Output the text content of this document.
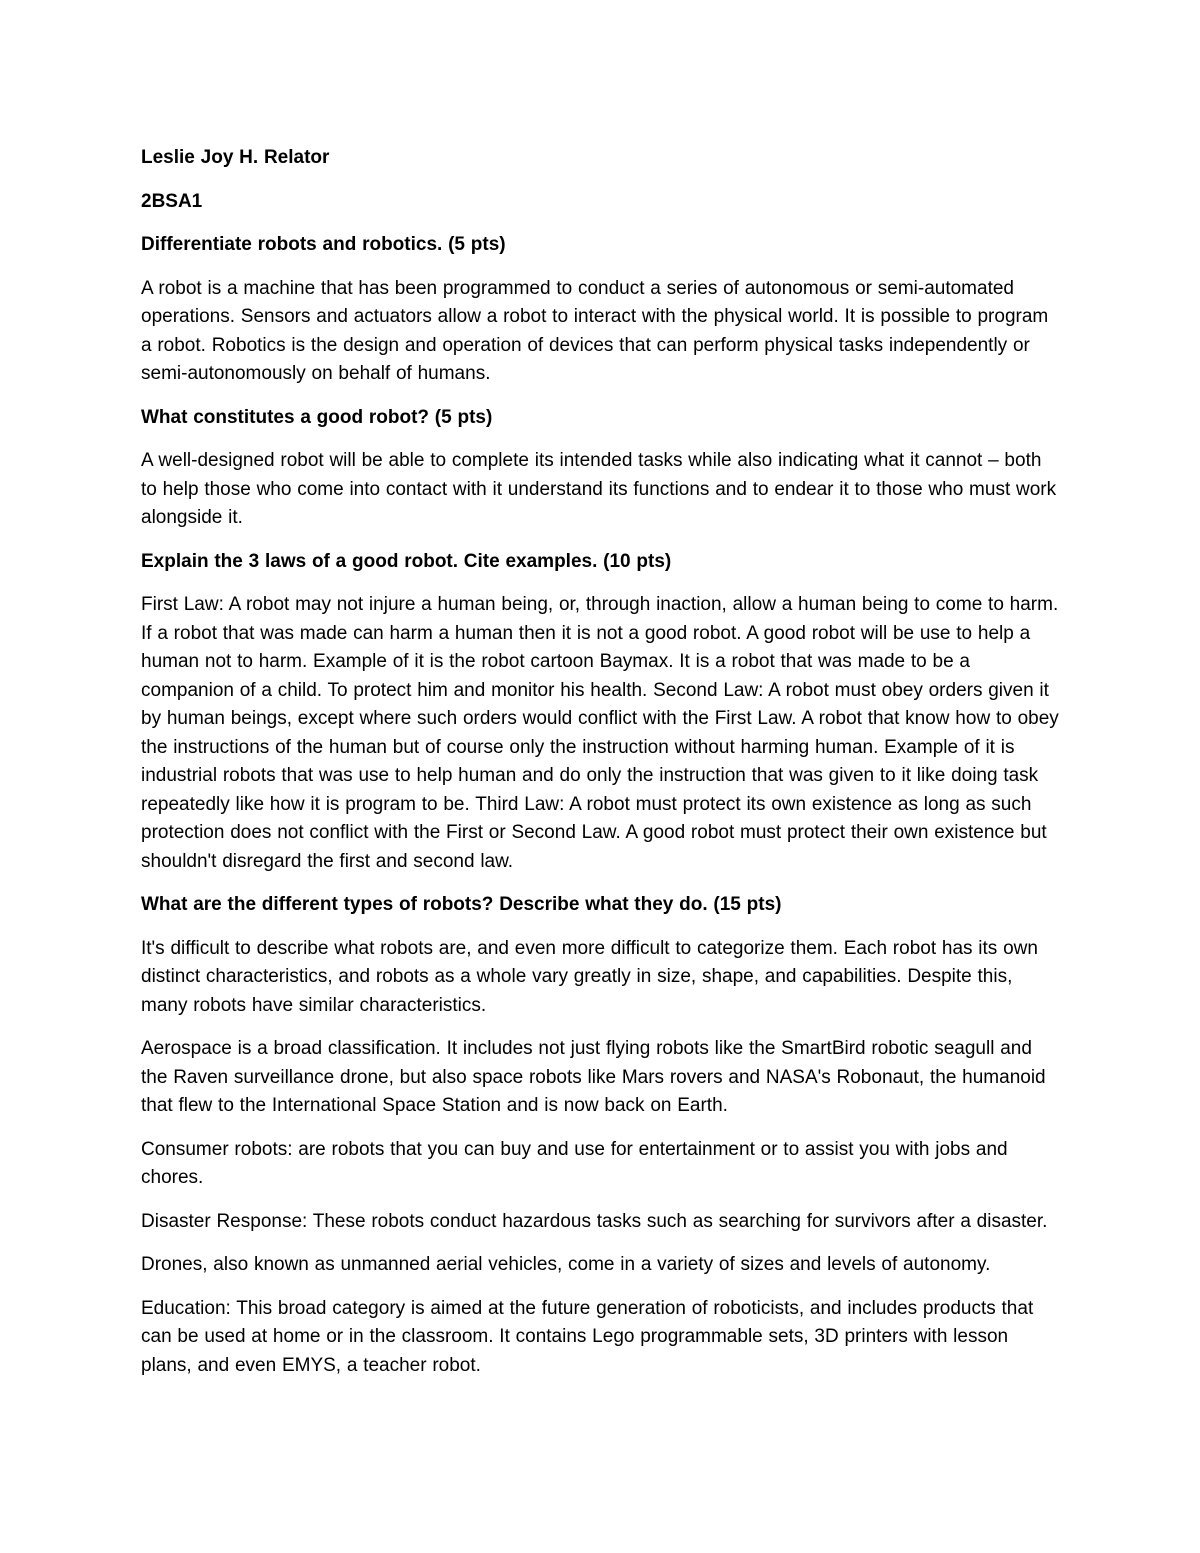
Leslie Joy H. Relator

2BSA1

Differentiate robots and robotics. (5 pts)

A robot is a machine that has been programmed to conduct a series of autonomous or semi-automated operations. Sensors and actuators allow a robot to interact with the physical world. It is possible to program a robot. Robotics is the design and operation of devices that can perform physical tasks independently or semi-autonomously on behalf of humans.

What constitutes a good robot? (5 pts)

A well-designed robot will be able to complete its intended tasks while also indicating what it cannot – both to help those who come into contact with it understand its functions and to endear it to those who must work alongside it.

Explain the 3 laws of a good robot. Cite examples. (10 pts)

First Law: A robot may not injure a human being, or, through inaction, allow a human being to come to harm. If a robot that was made can harm a human then it is not a good robot. A good robot will be use to help a human not to harm. Example of it is the robot cartoon Baymax. It is a robot that was made to be a companion of a child. To protect him and monitor his health. Second Law: A robot must obey orders given it by human beings, except where such orders would conflict with the First Law. A robot that know how to obey the instructions of the human but of course only the instruction without harming human. Example of it is industrial robots that was use to help human and do only the instruction that was given to it like doing task repeatedly like how it is program to be. Third Law: A robot must protect its own existence as long as such protection does not conflict with the First or Second Law. A good robot must protect their own existence but shouldn't disregard the first and second law.

What are the different types of robots? Describe what they do. (15 pts)

It's difficult to describe what robots are, and even more difficult to categorize them. Each robot has its own distinct characteristics, and robots as a whole vary greatly in size, shape, and capabilities. Despite this, many robots have similar characteristics.

Aerospace is a broad classification. It includes not just flying robots like the SmartBird robotic seagull and the Raven surveillance drone, but also space robots like Mars rovers and NASA's Robonaut, the humanoid that flew to the International Space Station and is now back on Earth.

Consumer robots: are robots that you can buy and use for entertainment or to assist you with jobs and chores.

Disaster Response: These robots conduct hazardous tasks such as searching for survivors after a disaster.

Drones, also known as unmanned aerial vehicles, come in a variety of sizes and levels of autonomy.

Education: This broad category is aimed at the future generation of roboticists, and includes products that can be used at home or in the classroom. It contains Lego programmable sets, 3D printers with lesson plans, and even EMYS, a teacher robot.
